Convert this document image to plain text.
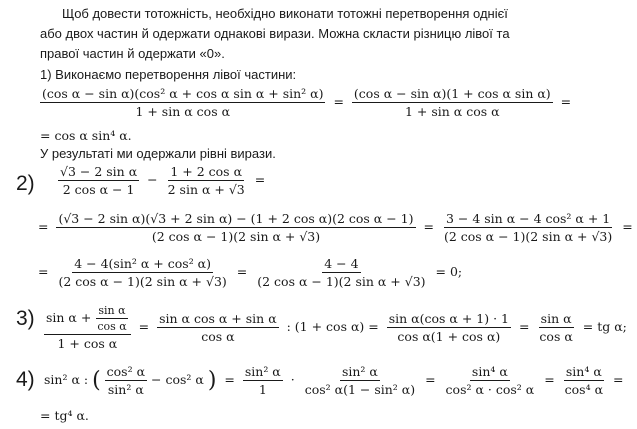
Щоб довести тотожність, необхідно виконати тотожні перетворення однієї
або двох частин й одержати однакові вирази. Можна скласти різницю лівої та
правої частин й одержати «0».
1) Виконаємо перетворення лівої частини:
$\frac{\text{(cos α − sin α)(cos² α + cos α sin α + sin² α)}}{\text{1 + sin α cos α}} = \frac{\text{(cos α − sin α)(1 + cos α sin α)}}{\text{1 + sin α cos α}}$ =
= cos α sin⁴ α.
У результаті ми одержали рівні вирази.
$2) \frac{\text{√3 − 2 sin α}}{\text{2 cos α − 1}} - \frac{\text{1 + 2 cos α}}{\text{2 sin α + √3}}$ =
= $\frac{\text{(√3 − 2 sin α)(√3 + 2 sin α) − (1 + 2 cos α)(2 cos α − 1)}}{\text{(2 cos α − 1)(2 sin α + √3)}} = \frac{\text{3 − 4 sin α − 4 cos² α + 1}}{\text{(2 cos α − 1)(2 sin α + √3)}}$ =
= $\frac{\text{4 − 4(sin² α + cos² α)}}{\text{(2 cos α − 1)(2 sin α + √3)}} = \frac{4 - 4}{\text{(2 cos α − 1)(2 sin α + √3)}} = 0$;
$3) \frac{\sin \alpha + \frac{\text{sin α}}{\text{cos α}}}{\text{1 + cos α}} = \frac{\text{sin α cos α + sin α}}{\text{cos α}}$ : $(1 + \cos \alpha) = \frac{\text{sin α(cos α + 1) · 1}}{\text{cos α(1 + cos α)}} = \frac{\text{sin α}}{\text{cos α}}$ = tg α;
4) sin² α : ( $\frac{\text{cos² α}}{\text{sin² α}} - \cos^2$ α ) = $\frac{\text{sin² α}}{1} \cdot \frac{\text{sin² α}}{\text{cos² α(1 − sin² α)}} = \frac{\text{sin⁴ α}}{\text{cos² α · cos² α}} = \frac{\text{sin⁴ α}}{\text{cos⁴ α}}$ =
= tg⁴ α.
